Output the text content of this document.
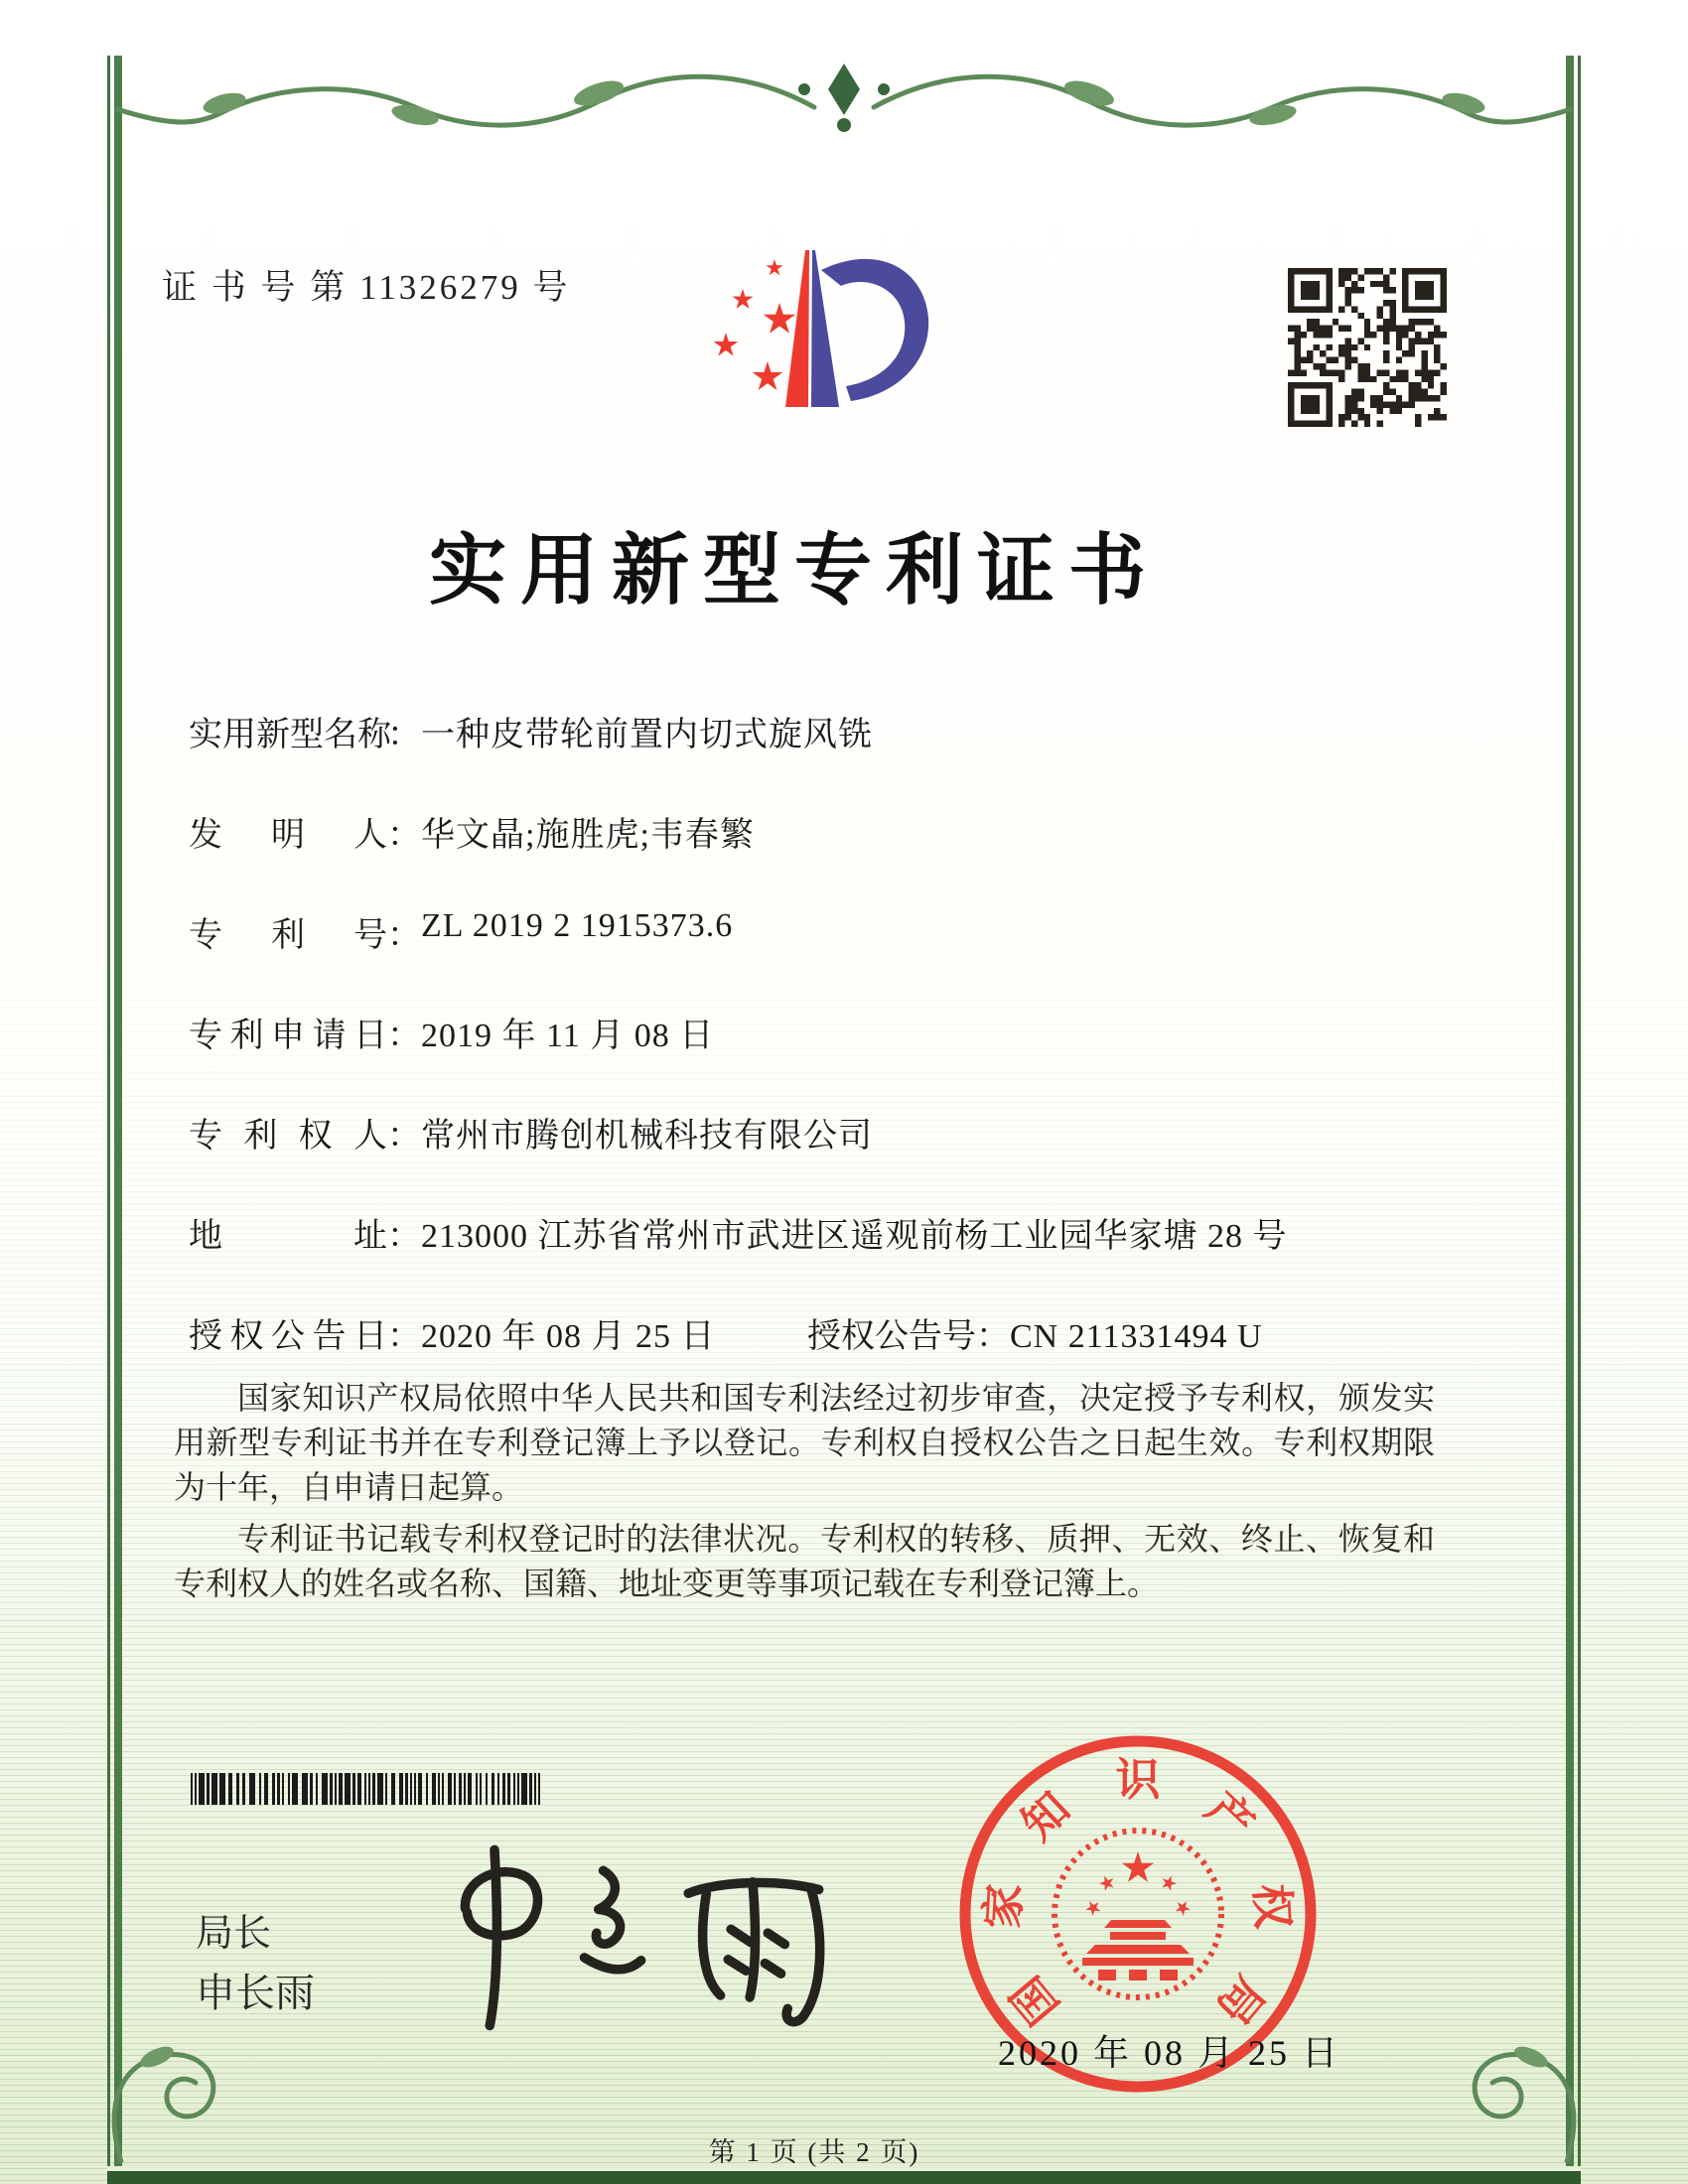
证 书 号 第 11326279 号
实用新型专利证书
实用新型名称：一种皮带轮前置内切式旋风铣
发明人：华文晶;施胜虎;韦春繁
专利号：ZL 2019 2 1915373.6
专利申请日：2019 年 11 月 08 日
专利权人：常州市腾创机械科技有限公司
地址：213000 江苏省常州市武进区遥观前杨工业园华家塘 28 号
授权公告日：2020 年 08 月 25 日	授权公告号：CN 211331494 U

国家知识产权局依照中华人民共和国专利法经过初步审查，决定授予专利权，颁发实用新型专利证书并在专利登记簿上予以登记。专利权自授权公告之日起生效。专利权期限为十年，自申请日起算。

专利证书记载专利权登记时的法律状况。专利权的转移、质押、无效、终止、恢复和专利权人的姓名或名称、国籍、地址变更等事项记载在专利登记簿上。

局长
申长雨	国
家
知
识
产
权
局
2020 年 08 月 25 日
第 1 页 (共 2 页)
